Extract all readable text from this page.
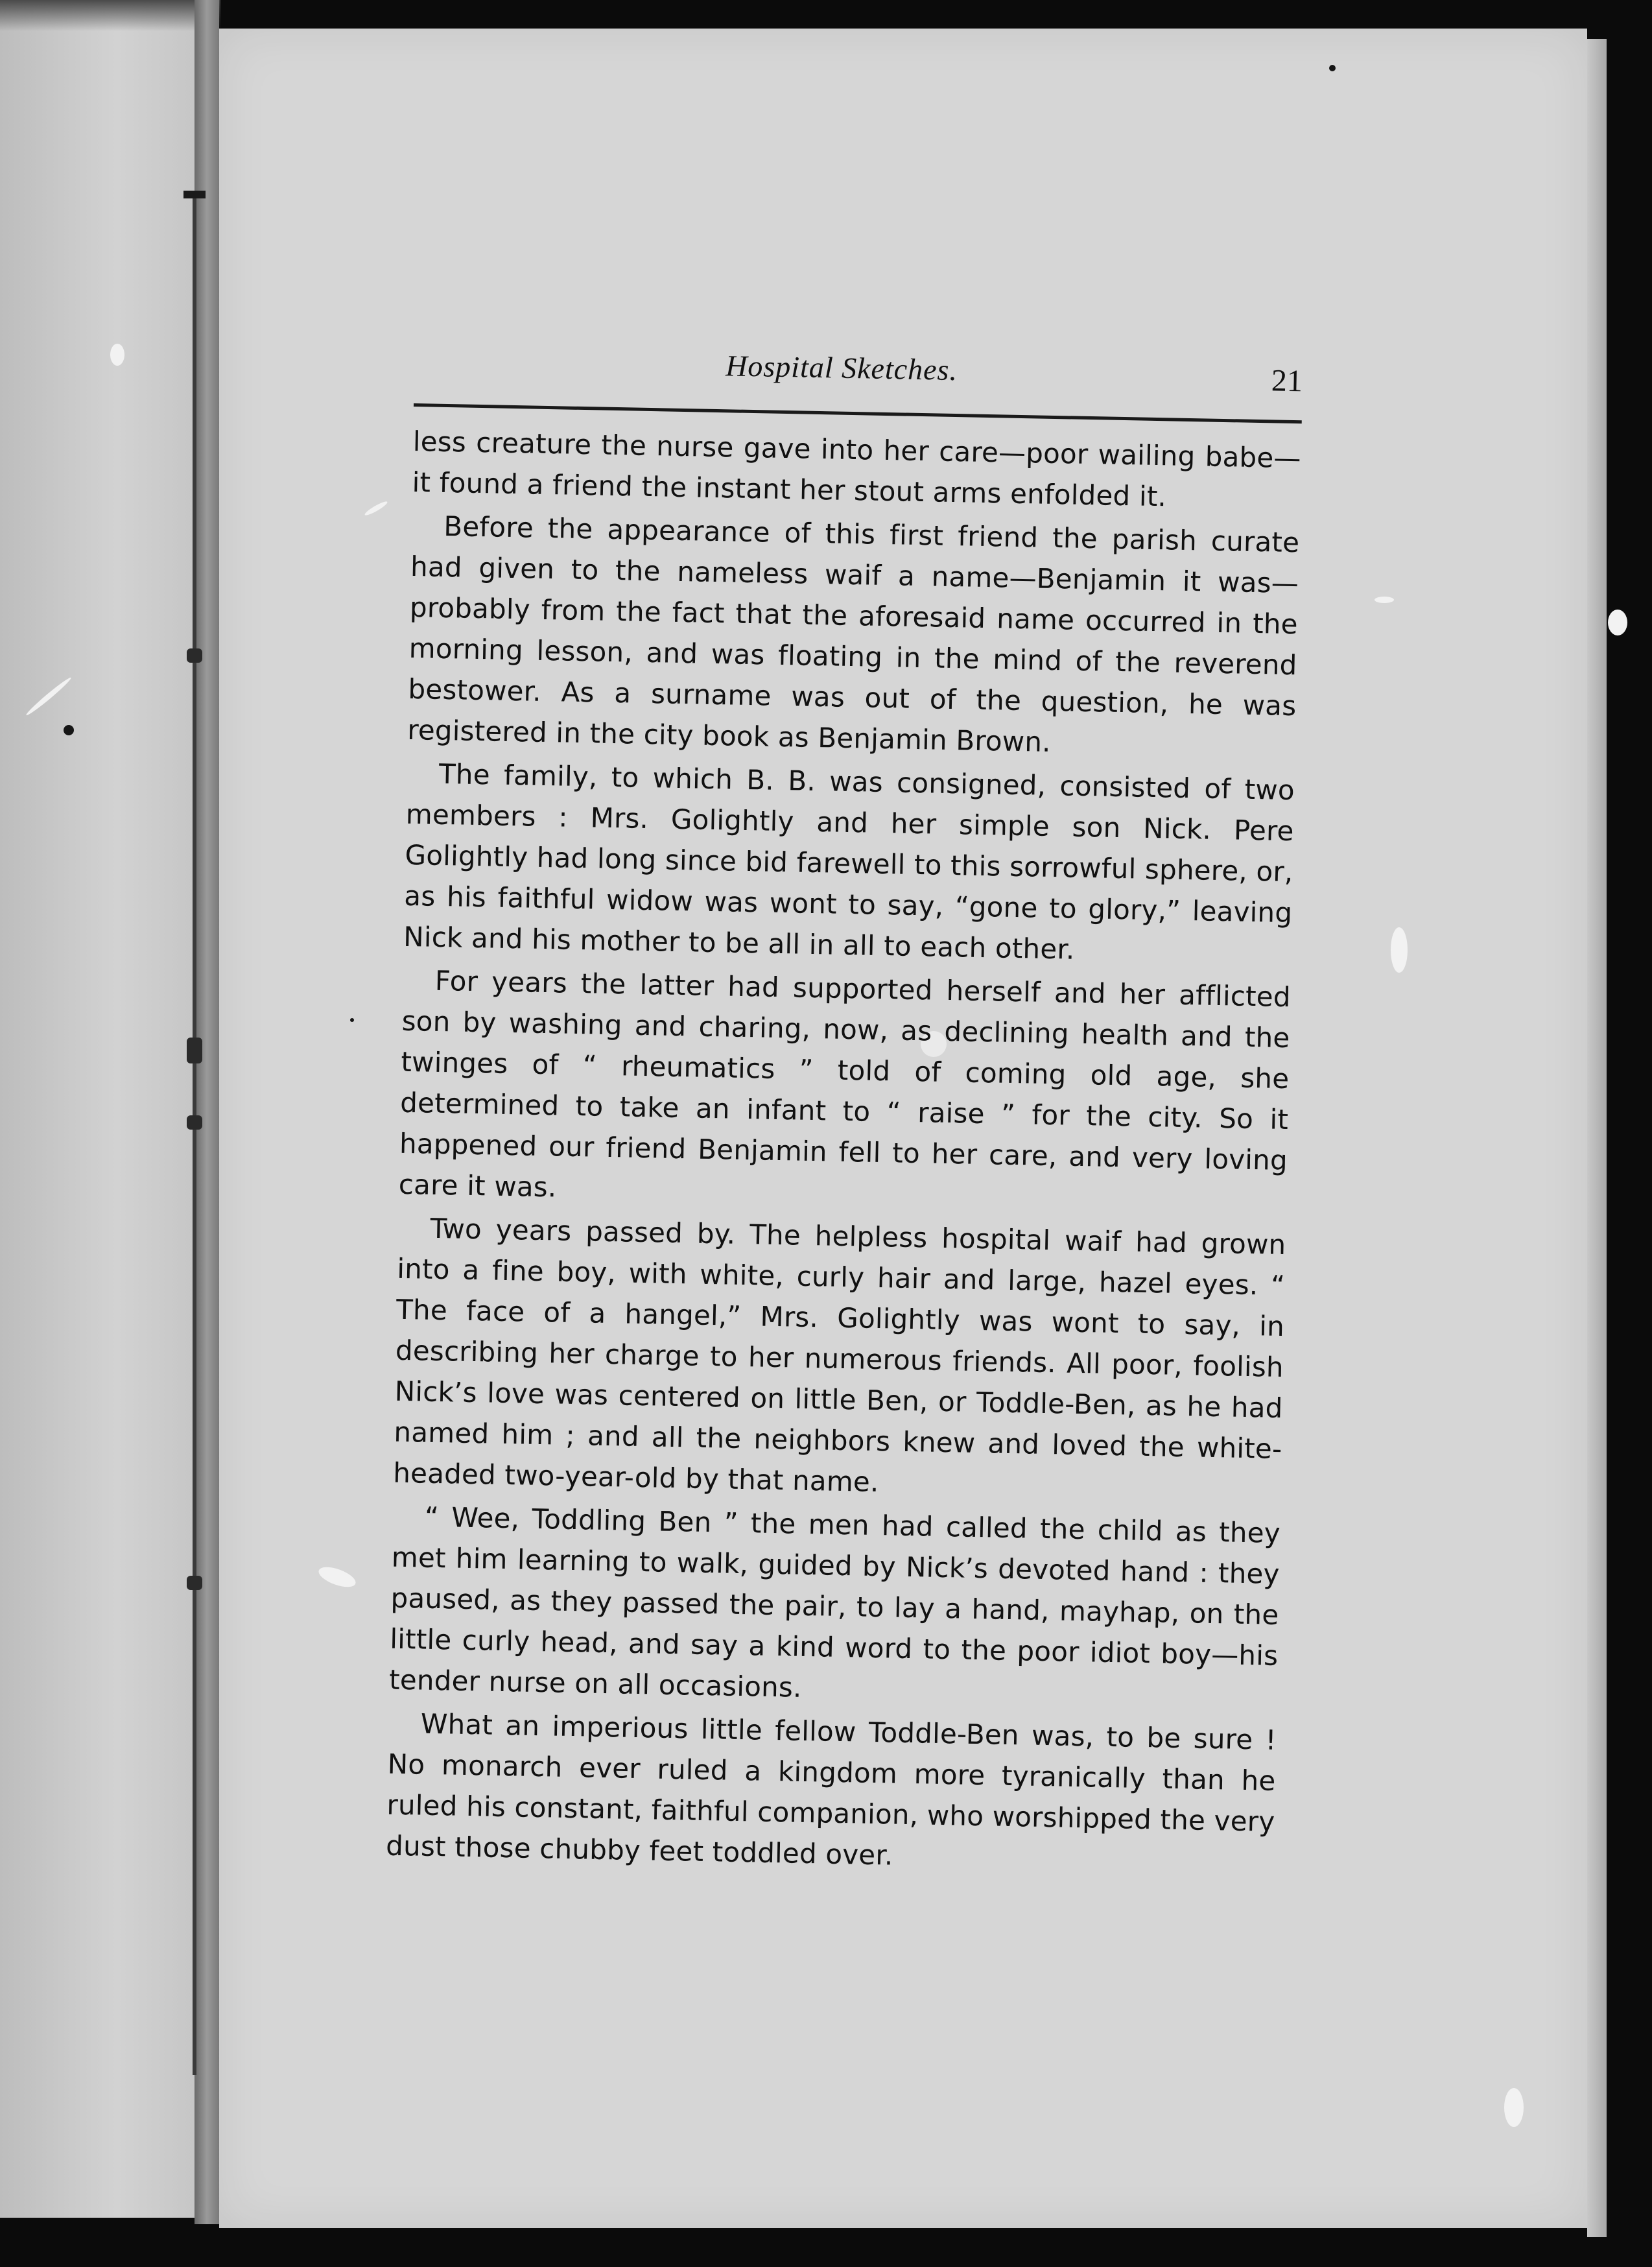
Hospital Sketches.	21

less creature the nurse gave into her care—poor wailing babe—it found a friend the instant her stout arms enfolded it.

Before the appearance of this first friend the parish curate had given to the nameless waif a name—Benjamin it was—probably from the fact that the aforesaid name occurred in the morning lesson, and was floating in the mind of the reverend bestower. As a surname was out of the question, he was registered in the city book as Benjamin Brown.

The family, to which B. B. was consigned, consisted of two members : Mrs. Golightly and her simple son Nick. Pere Golightly had long since bid farewell to this sorrowful sphere, or, as his faithful widow was wont to say, “gone to glory,” leaving Nick and his mother to be all in all to each other.

For years the latter had supported herself and her afflicted son by washing and charing, now, as declining health and the twinges of “ rheumatics ” told of coming old age, she determined to take an infant to “ raise ” for the city. So it happened our friend Benjamin fell to her care, and very loving care it was.

Two years passed by. The helpless hospital waif had grown into a fine boy, with white, curly hair and large, hazel eyes. “ The face of a hangel,” Mrs. Golightly was wont to say, in describing her charge to her numerous friends. All poor, foolish Nick’s love was centered on little Ben, or Toddle-Ben, as he had named him ; and all the neighbors knew and loved the white-headed two-year-old by that name.

“ Wee, Toddling Ben ” the men had called the child as they met him learning to walk, guided by Nick’s devoted hand : they paused, as they passed the pair, to lay a hand, mayhap, on the little curly head, and say a kind word to the poor idiot boy—his tender nurse on all occasions.

What an imperious little fellow Toddle-Ben was, to be sure ! No monarch ever ruled a kingdom more tyranically than he ruled his constant, faithful companion, who worshipped the very dust those chubby feet toddled over.
